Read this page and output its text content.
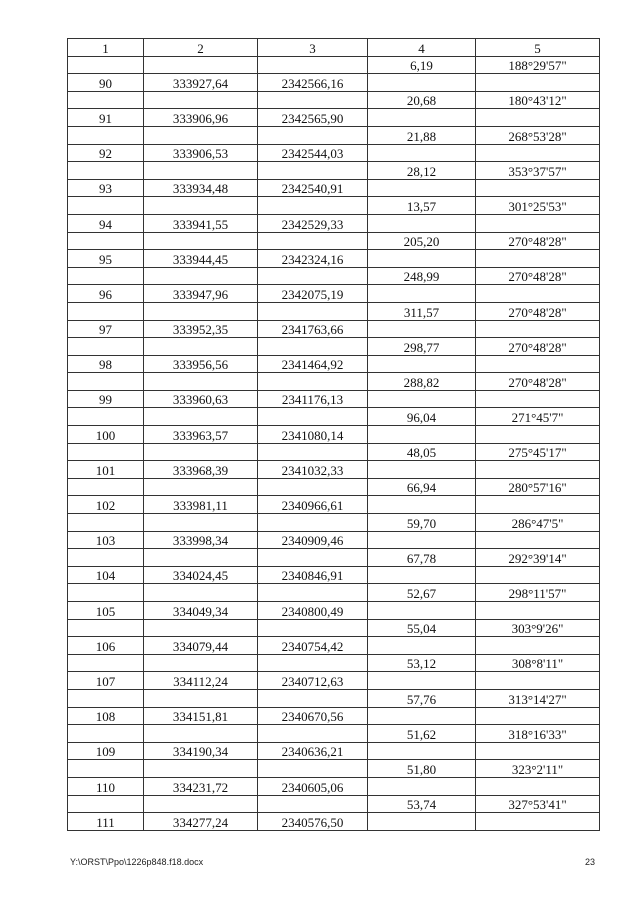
1	2	3	4	5
			6,19	188°29'57"
90	333927,64	2342566,16		
			20,68	180°43'12"
91	333906,96	2342565,90		
			21,88	268°53'28"
92	333906,53	2342544,03		
			28,12	353°37'57"
93	333934,48	2342540,91		
			13,57	301°25'53"
94	333941,55	2342529,33		
			205,20	270°48'28"
95	333944,45	2342324,16		
			248,99	270°48'28"
96	333947,96	2342075,19		
			311,57	270°48'28"
97	333952,35	2341763,66		
			298,77	270°48'28"
98	333956,56	2341464,92		
			288,82	270°48'28"
99	333960,63	2341176,13		
			96,04	271°45'7"
100	333963,57	2341080,14		
			48,05	275°45'17"
101	333968,39	2341032,33		
			66,94	280°57'16"
102	333981,11	2340966,61		
			59,70	286°47'5"
103	333998,34	2340909,46		
			67,78	292°39'14"
104	334024,45	2340846,91		
			52,67	298°11'57"
105	334049,34	2340800,49		
			55,04	303°9'26"
106	334079,44	2340754,42		
			53,12	308°8'11"
107	334112,24	2340712,63		
			57,76	313°14'27"
108	334151,81	2340670,56		
			51,62	318°16'33"
109	334190,34	2340636,21		
			51,80	323°2'11"
110	334231,72	2340605,06		
			53,74	327°53'41"
111	334277,24	2340576,50		
Y:\ORST\Ppo\1226p848.f18.docx	23
